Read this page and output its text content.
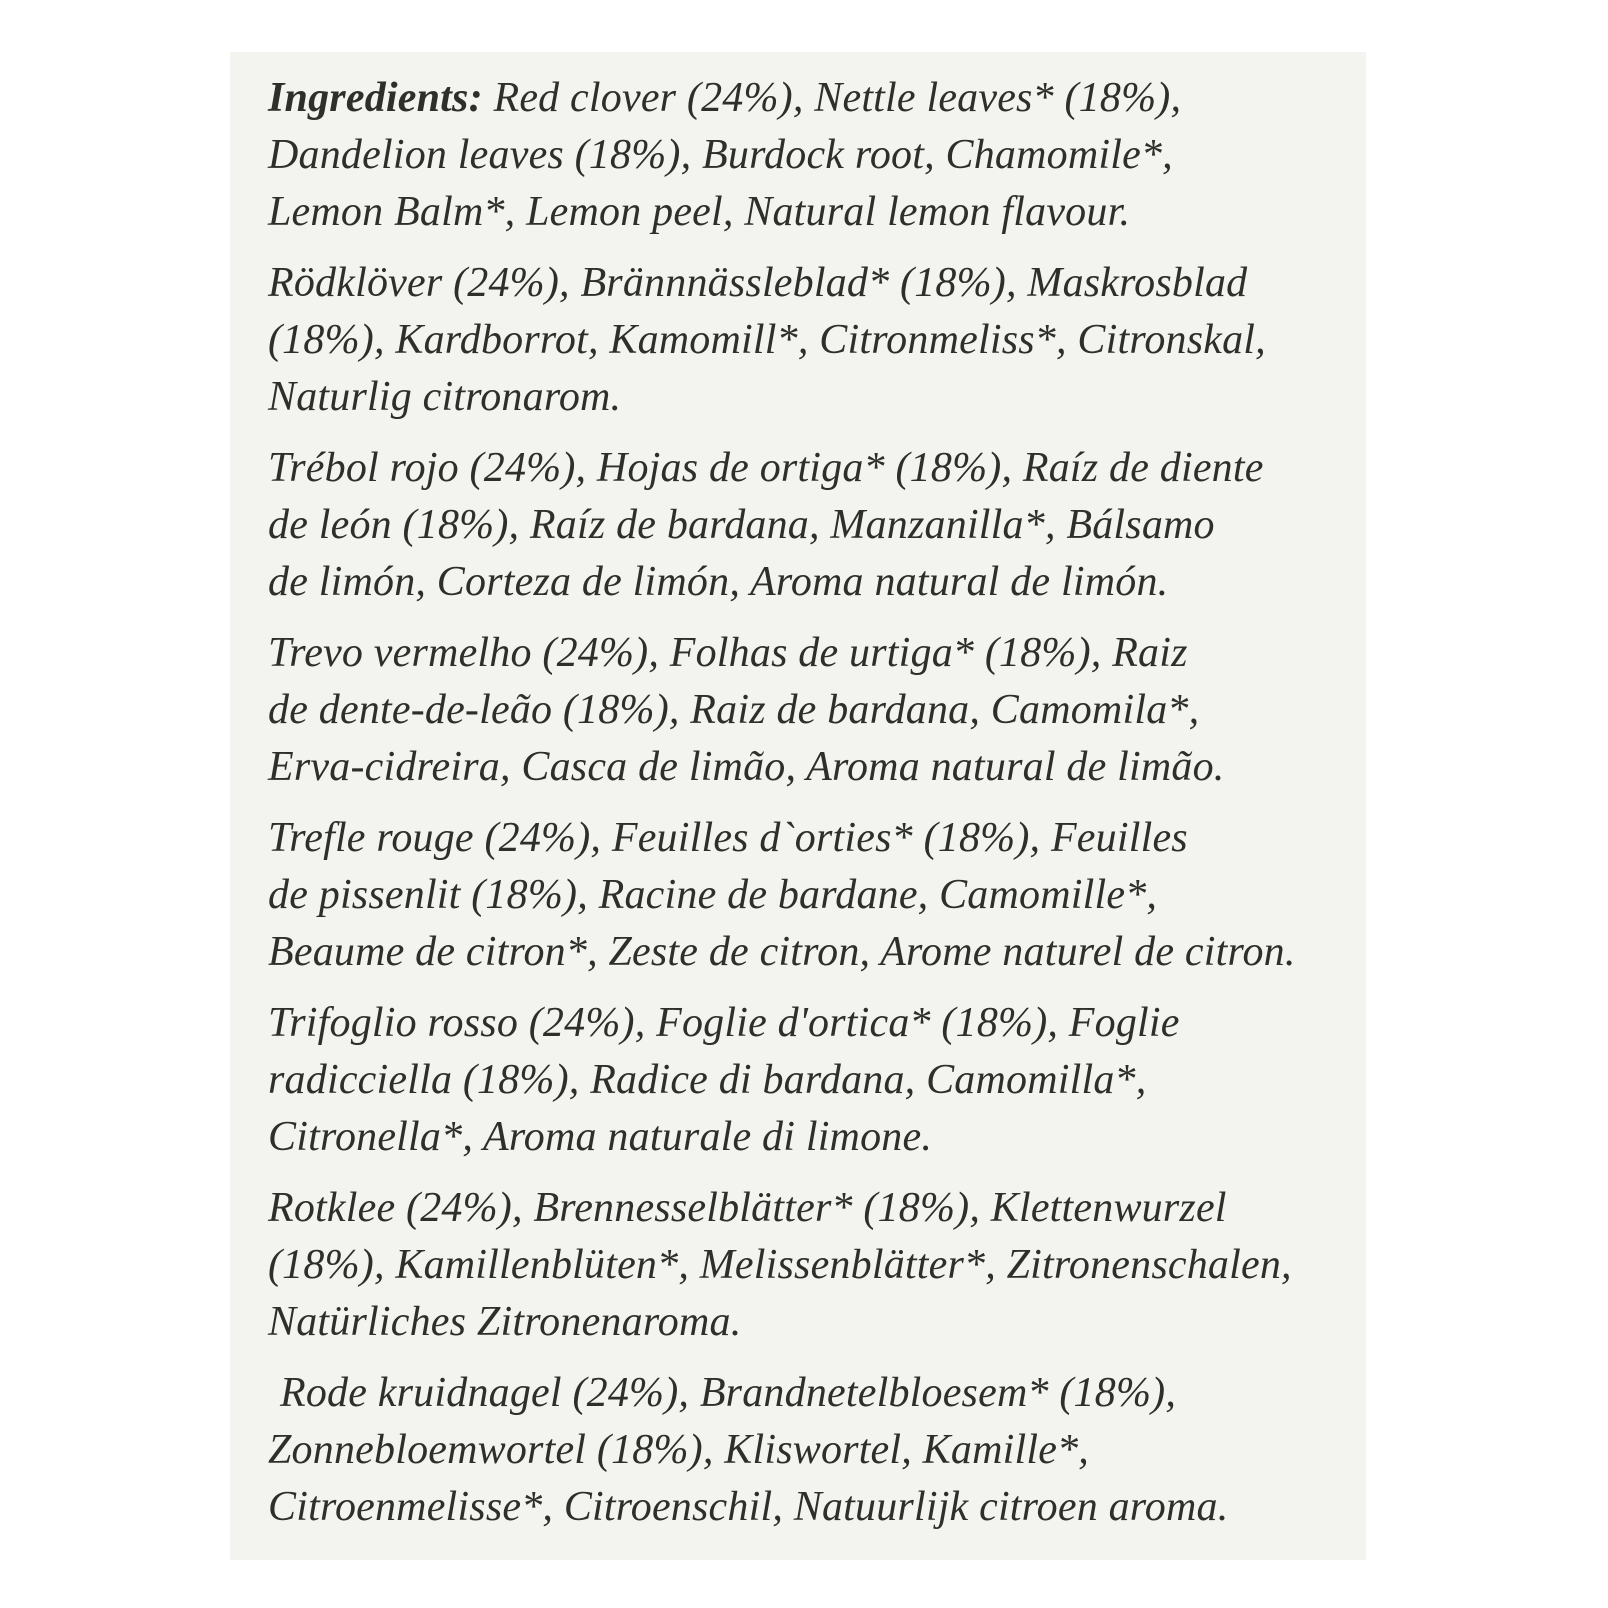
Ingredients: Red clover (24%), Nettle leaves* (18%),
Dandelion leaves (18%), Burdock root, Chamomile*,
Lemon Balm*, Lemon peel, Natural lemon flavour.

Rödklöver (24%), Brännnässleblad* (18%), Maskrosblad
(18%), Kardborrot, Kamomill*, Citronmeliss*, Citronskal,
Naturlig citronarom.

Trébol rojo (24%), Hojas de ortiga* (18%), Raíz de diente
de león (18%), Raíz de bardana, Manzanilla*, Bálsamo
de limón, Corteza de limón, Aroma natural de limón.

Trevo vermelho (24%), Folhas de urtiga* (18%), Raiz
de dente-de-leão (18%), Raiz de bardana, Camomila*,
Erva-cidreira, Casca de limão, Aroma natural de limão.

Trefle rouge (24%), Feuilles d`orties* (18%), Feuilles
de pissenlit (18%), Racine de bardane, Camomille*,
Beaume de citron*, Zeste de citron, Arome naturel de citron.

Trifoglio rosso (24%), Foglie d'ortica* (18%), Foglie
radicciella (18%), Radice di bardana, Camomilla*,
Citronella*, Aroma naturale di limone.

Rotklee (24%), Brennesselblätter* (18%), Klettenwurzel
(18%), Kamillenblüten*, Melissenblätter*, Zitronenschalen,
Natürliches Zitronenaroma.

Rode kruidnagel (24%), Brandnetelbloesem* (18%),
Zonnebloemwortel (18%), Kliswortel, Kamille*,
Citroenmelisse*, Citroenschil, Natuurlijk citroen aroma.
